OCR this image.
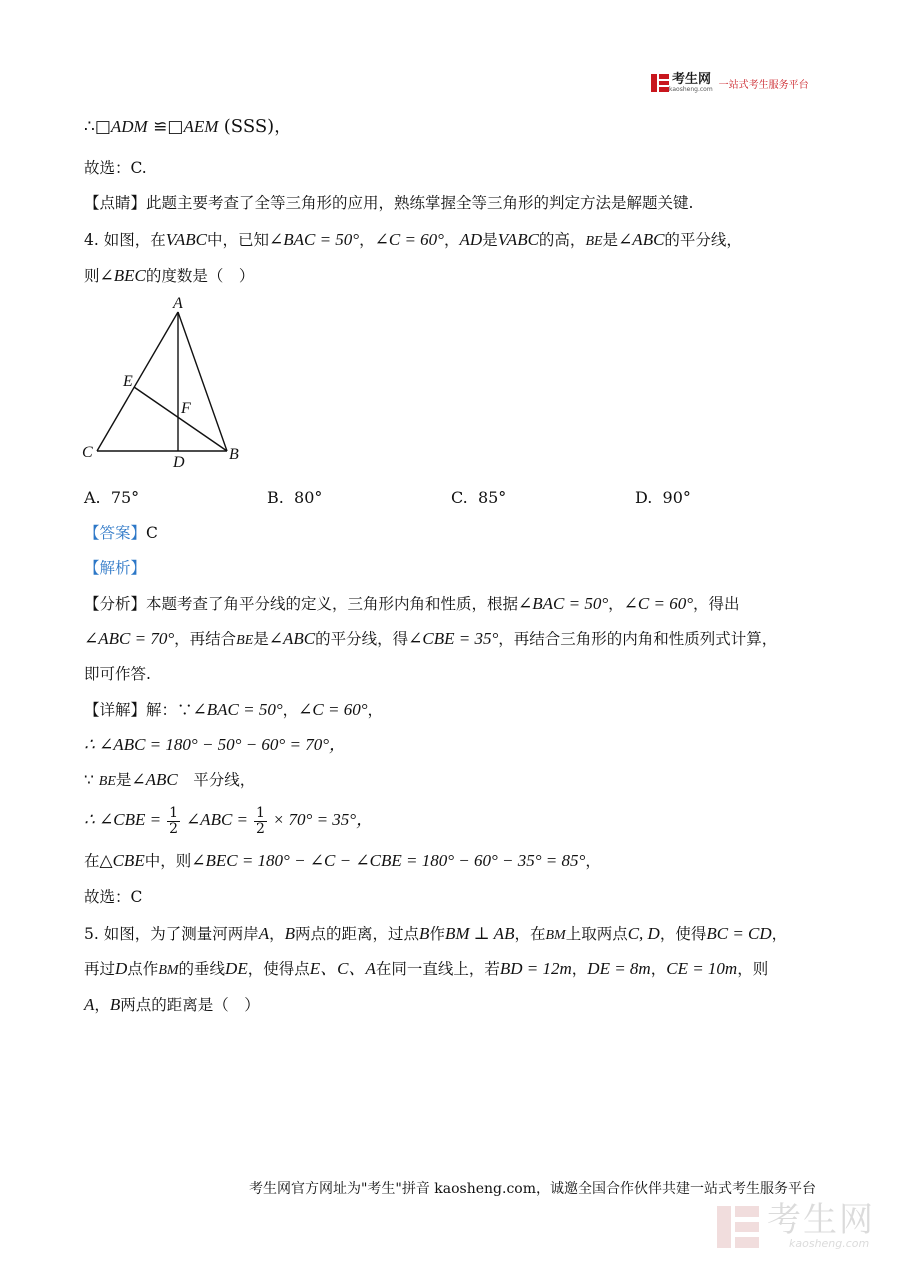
考生网
kaosheng.com 一站式考生服务平台
∴□ADM ≌□AEM (SSS)，
故选：C.
【点睛】此题主要考查了全等三角形的应用，熟练掌握全等三角形的判定方法是解题关键.
4. 如图，在VABC中，已知∠BAC = 50°，∠C = 60°，AD是VABC的高，BE是∠ABC的平分线，
则∠BEC的度数是（　）
A
E
F
C
D	B
A. 75°	B. 80°	C. 85°	D. 90°
【答案】C
【解析】
【分析】本题考查了角平分线的定义，三角形内角和性质，根据∠BAC = 50°，∠C = 60°，得出
∠ABC = 70°，再结合BE是∠ABC的平分线，得∠CBE = 35°，再结合三角形的内角和性质列式计算，
即可作答.
【详解】解：∵∠BAC = 50°，∠C = 60°，
∴ ∠ABC = 180° − 50° − 60° = 70°，
∵ BE是∠ABC　平分线，
∴ ∠CBE = $\frac{1}{2}$ ∠ABC = $\frac{1}{2} \times 70^\circ = 35^\circ$，
在△CBE中，则∠BEC = 180° − ∠C − ∠CBE = 180° − 60° − 35° = 85°，
故选：C
5. 如图，为了测量河两岸A，B两点的距离，过点B作BM ⊥ AB，在BM上取两点C, D，使得BC = CD，
再过D点作BM的垂线DE，使得点E、C、A在同一直线上，若BD = 12m，DE = 8m，CE = 10m，则
A，B两点的距离是（　）
考生网官方网址为"考生"拼音 kaosheng.com，诚邀全国合作伙伴共建一站式考生服务平台
考生网
kaosheng.com
